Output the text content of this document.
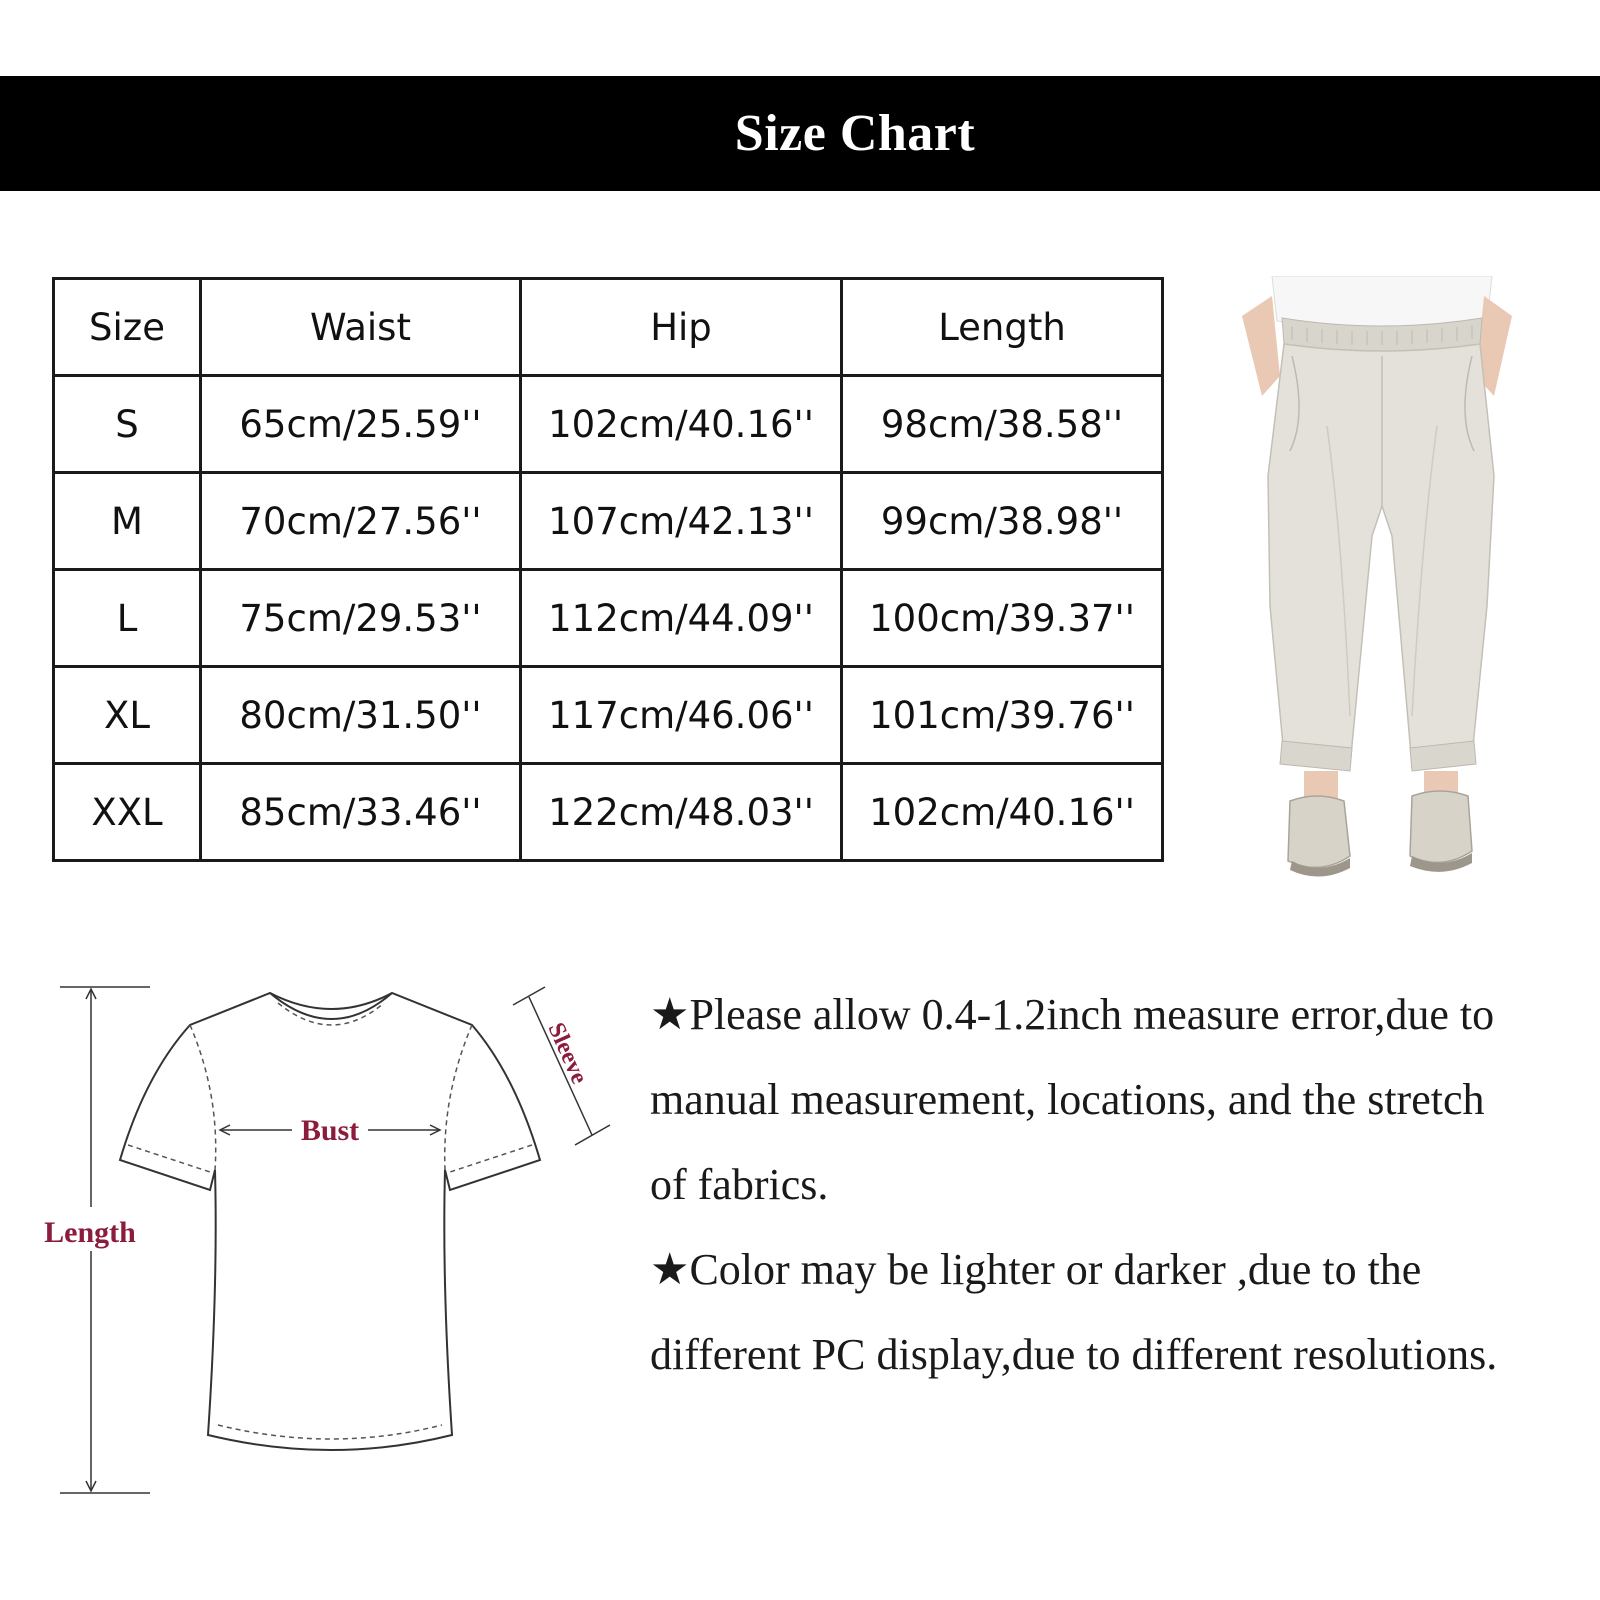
Size Chart
Size	Waist	Hip	Length
S	65cm/25.59''	102cm/40.16''	98cm/38.58''
M	70cm/27.56''	107cm/42.13''	99cm/38.98''
L	75cm/29.53''	112cm/44.09''	100cm/39.37''
XL	80cm/31.50''	117cm/46.06''	101cm/39.76''
XXL	85cm/33.46''	122cm/48.03''	102cm/40.16''
Length
Bust
Sleeve
★Please allow 0.4-1.2inch measure error,due to
manual measurement, locations, and the stretch
of fabrics.
★Color may be lighter or darker ,due to the
different PC display,due to different resolutions.
